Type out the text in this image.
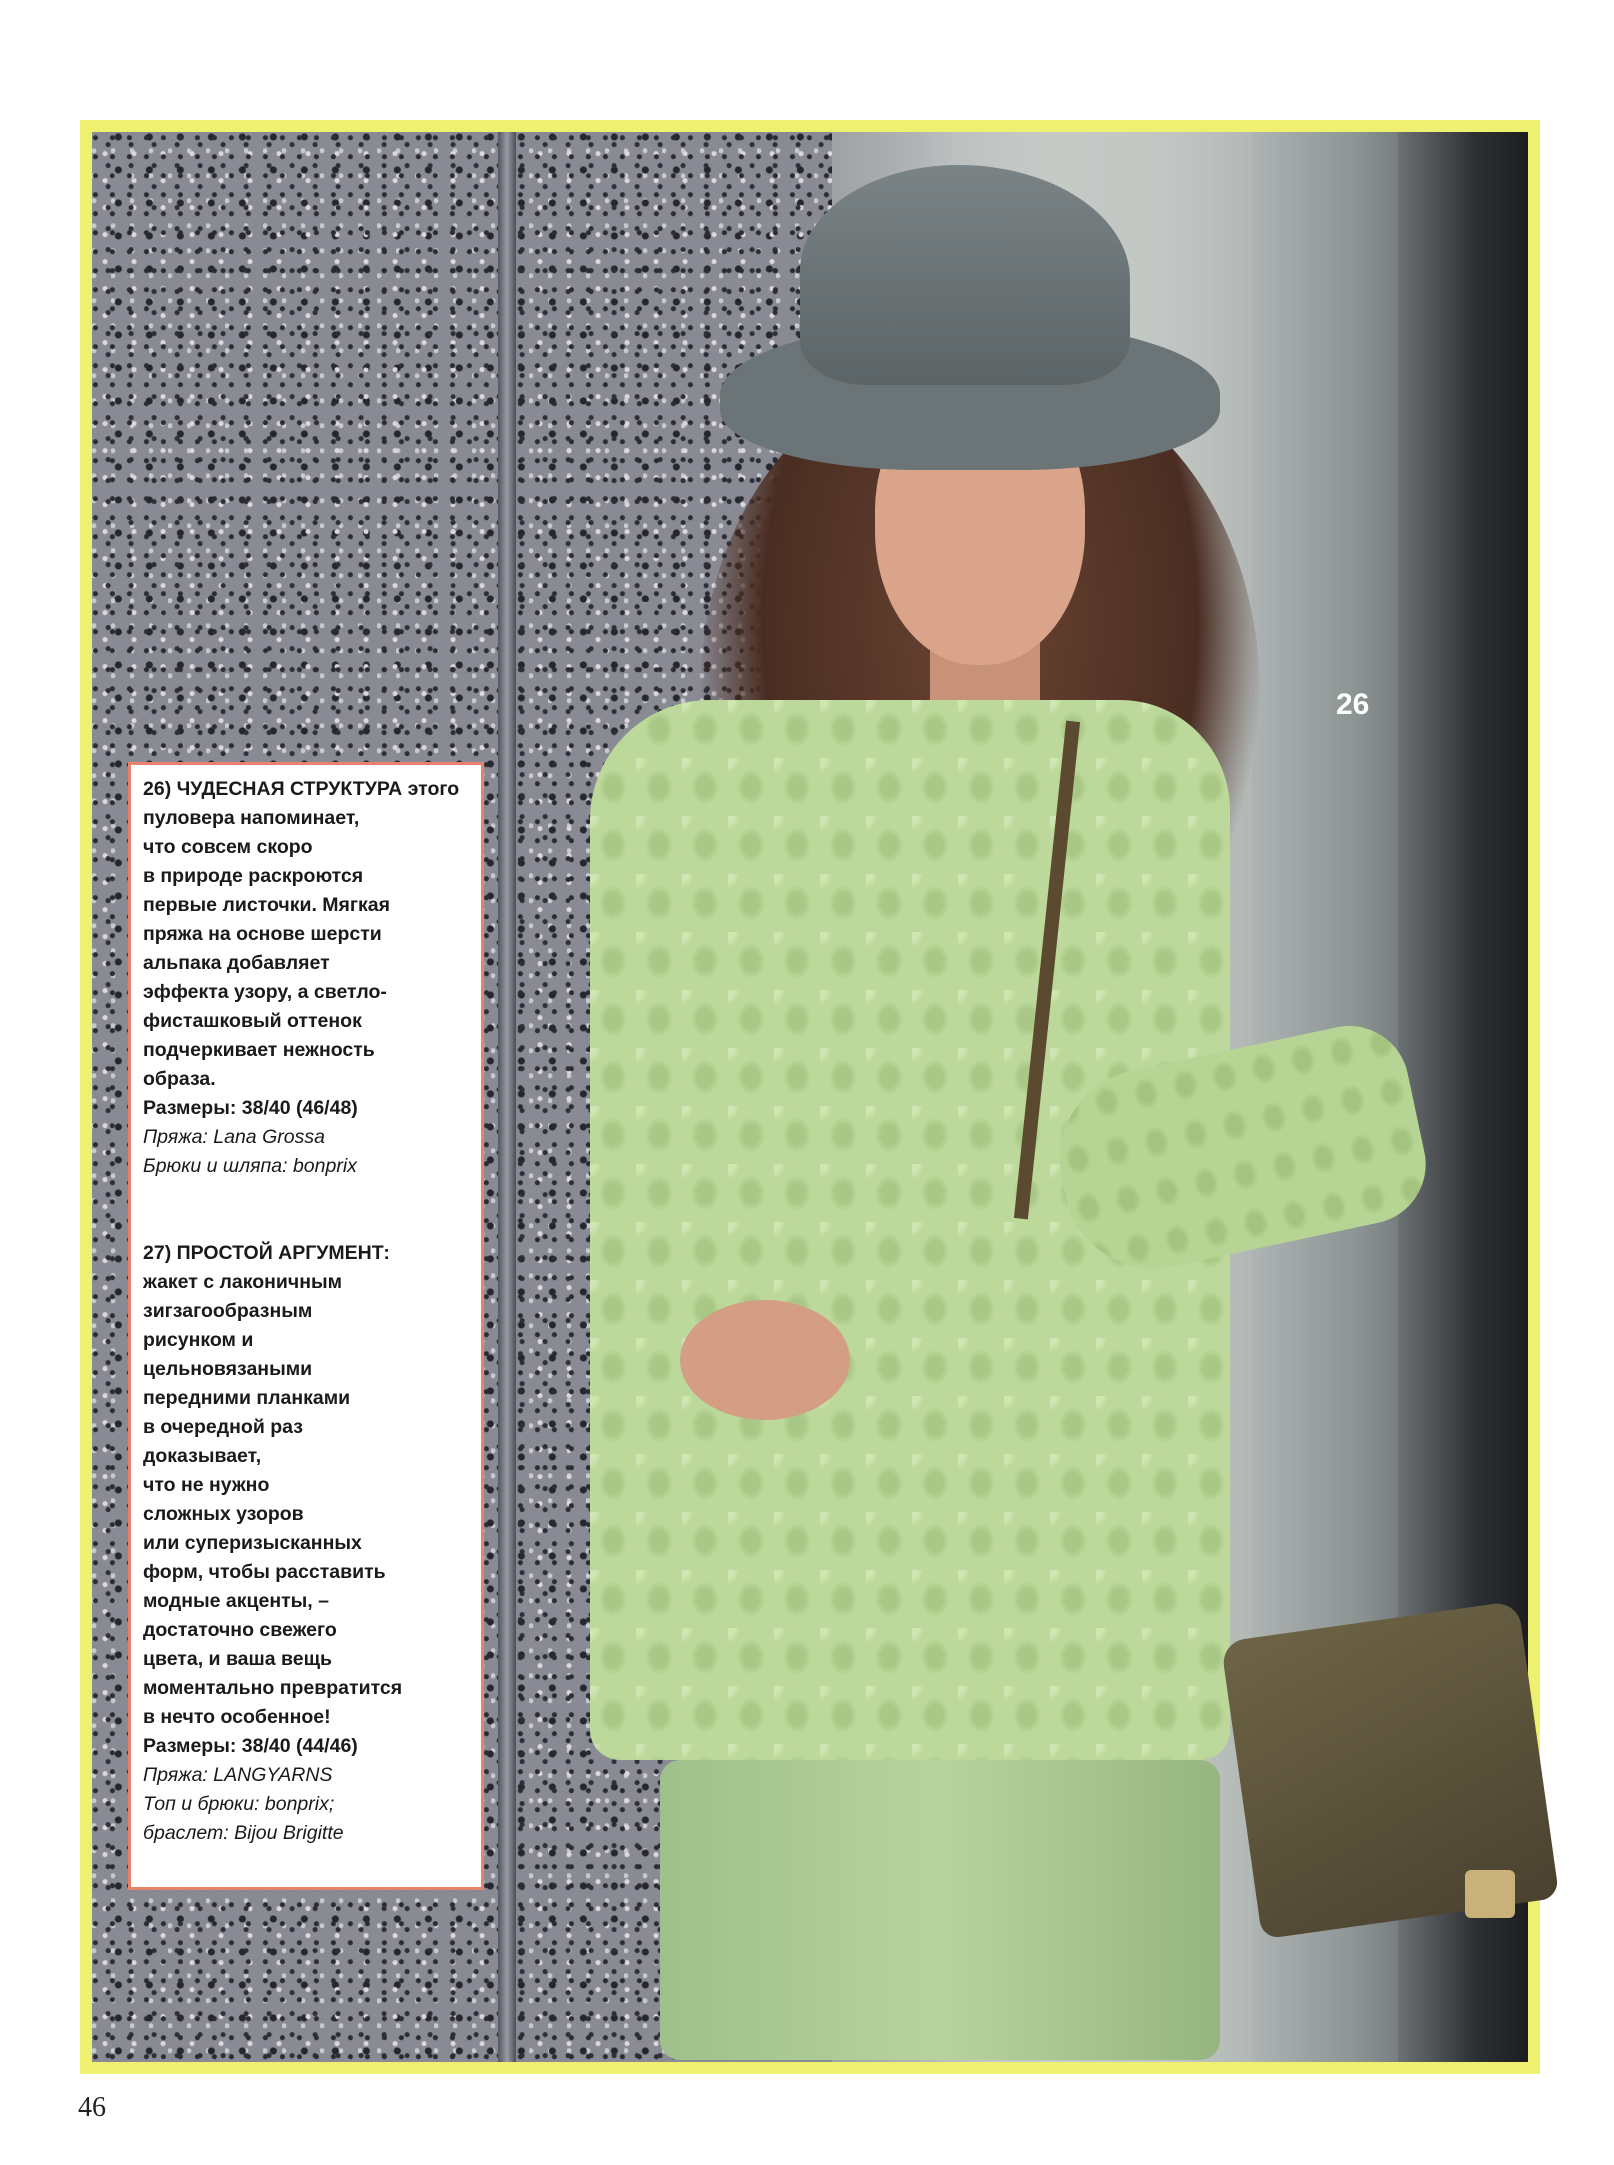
26
26) ЧУДЕСНАЯ СТРУКТУРА этого
пуловера напоминает,
что совсем скоро
в природе раскроются
первые листочки. Мягкая
пряжа на основе шерсти
альпака добавляет
эффекта узору, а светло-
фисташковый оттенок
подчеркивает нежность
образа.
Размеры: 38/40 (46/48)
Пряжа: Lana Grossa
Брюки и шляпа: bonprix
27) ПРОСТОЙ АРГУМЕНТ:
жакет с лаконичным
зигзагообразным
рисунком и
цельновязаными
передними планками
в очередной раз
доказывает,
что не нужно
сложных узоров
или суперизысканных
форм, чтобы расставить
модные акценты, –
достаточно свежего
цвета, и ваша вещь
моментально превратится
в нечто особенное!
Размеры: 38/40 (44/46)
Пряжа: LANGYARNS
Топ и брюки: bonprix;
браслет: Bijou Brigitte
46
